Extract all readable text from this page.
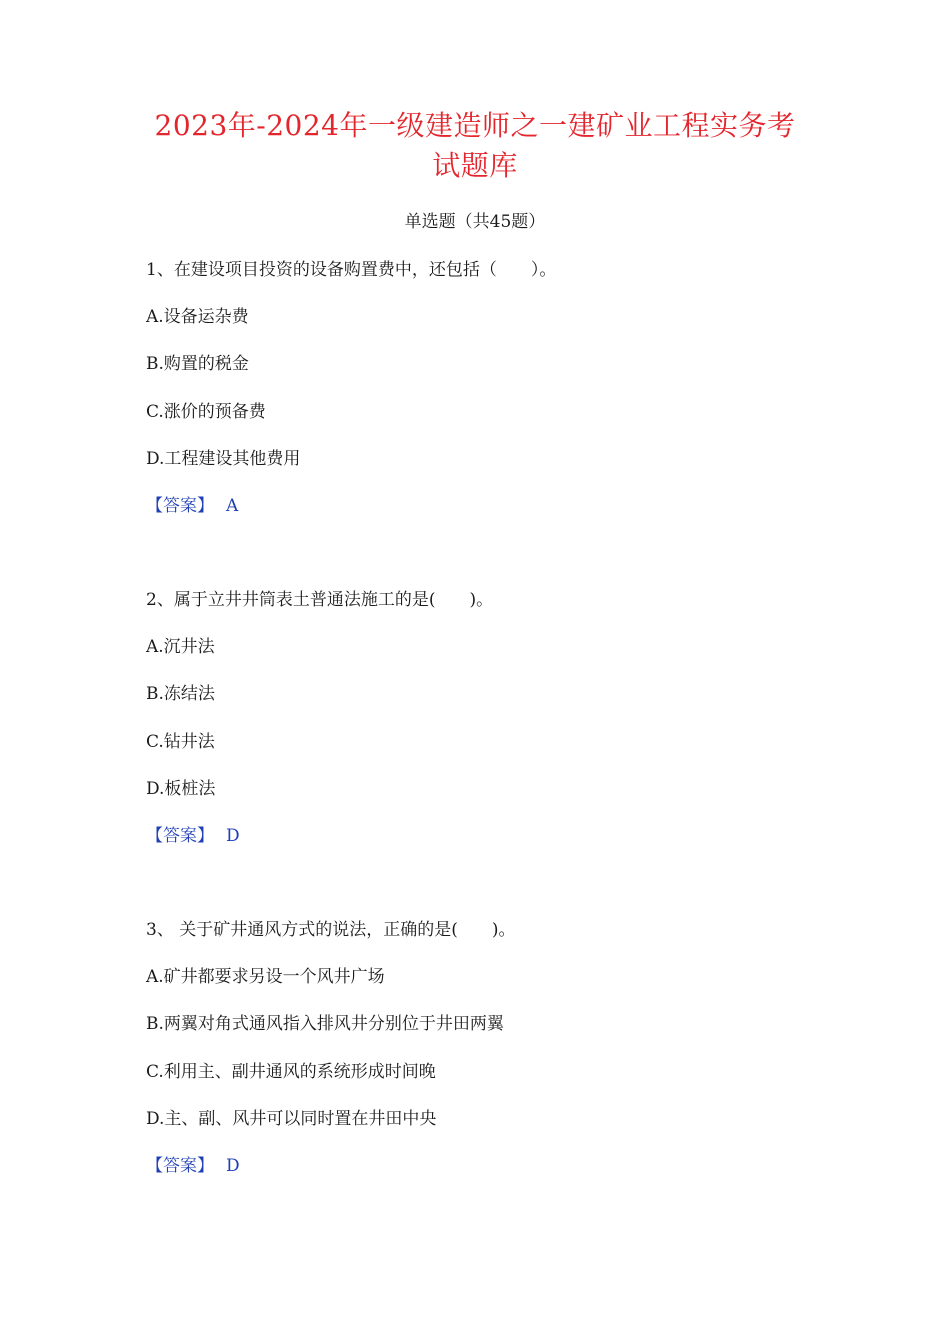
2023年-2024年一级建造师之一建矿业工程实务考
试题库
单选题（共45题）
1、在建设项目投资的设备购置费中，还包括（　　）。
A.设备运杂费
B.购置的税金
C.涨价的预备费
D.工程建设其他费用
【答案】 A
2、属于立井井筒表土普通法施工的是(　　)。
A.沉井法
B.冻结法
C.钻井法
D.板桩法
【答案】 D
3、 关于矿井通风方式的说法，正确的是(　　)。
A.矿井都要求另设一个风井广场
B.两翼对角式通风指入排风井分别位于井田两翼
C.利用主、副井通风的系统形成时间晚
D.主、副、风井可以同时置在井田中央
【答案】 D
